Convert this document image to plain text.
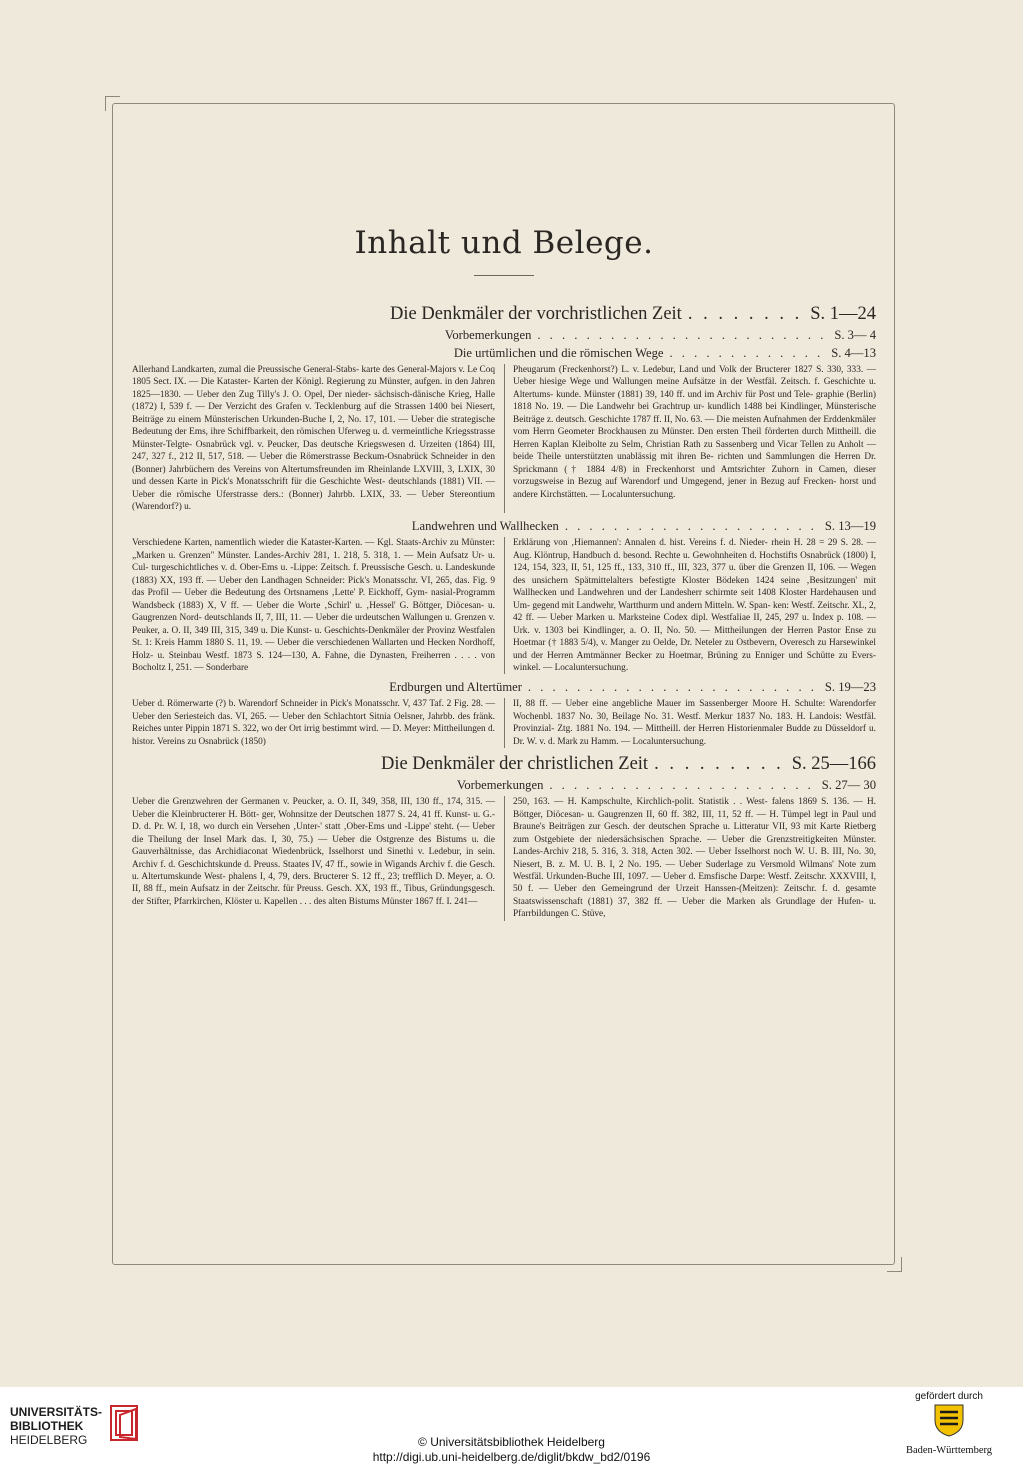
Inhalt und Belege.
Die Denkmäler der vorchristlichen Zeit . . . . . . . . S. 1—24
Vorbemerkungen . . . . . . . . . . . . . . . . . . . . . . . . S. 3— 4
Die urtümlichen und die römischen Wege . . . . . . . . . . . . . S. 4—13

Allerhand Landkarten, zumal die Preussische General-Stabs- karte des General-Majors v. Le Coq 1805 Sect. IX. — Die Kataster- Karten der Königl. Regierung zu Münster, aufgen. in den Jahren 1825—1830. — Ueber den Zug Tilly's J. O. Opel, Der nieder- sächsisch-dänische Krieg, Halle (1872) I, 539 f. — Der Verzicht des Grafen v. Tecklenburg auf die Strassen 1400 bei Niesert, Beiträge zu einem Münsterischen Urkunden-Buche I, 2, No. 17, 101. — Ueber die strategische Bedeutung der Ems, ihre Schiffbarkeit, den römischen Uferweg u. d. vermeintliche Kriegsstrasse Münster-Telgte- Osnabrück vgl. v. Peucker, Das deutsche Kriegswesen d. Urzeiten (1864) III, 247, 327 f., 212 II, 517, 518. — Ueber die Römerstrasse Beckum-Osnabrück Schneider in den (Bonner) Jahrbüchern des Vereins von Altertumsfreunden im Rheinlande LXVIII, 3, LXIX, 30 und dessen Karte in Pick's Monatsschrift für die Geschichte West- deutschlands (1881) VII. — Ueber die römische Uferstrasse ders.: (Bonner) Jahrbb. LXIX, 33. — Ueber Stereontium (Warendorf?) u.

Pheugarum (Freckenhorst?) L. v. Ledebur, Land und Volk der Bructerer 1827 S. 330, 333. — Ueber hiesige Wege und Wallungen meine Aufsätze in der Westfäl. Zeitsch. f. Geschichte u. Altertums- kunde. Münster (1881) 39, 140 ff. und im Archiv für Post und Tele- graphie (Berlin) 1818 No. 19. — Die Landwehr bei Grachtrup ur- kundlich 1488 bei Kindlinger, Münsterische Beiträge z. deutsch. Geschichte 1787 ff. II, No. 63. — Die meisten Aufnahmen der Erddenkmäler vom Herrn Geometer Brockhausen zu Münster. Den ersten Theil förderten durch Mittheill. die Herren Kaplan Kleibolte zu Selm, Christian Rath zu Sassenberg und Vicar Tellen zu Anholt — beide Theile unterstützten unablässig mit ihren Be- richten und Sammlungen die Herren Dr. Sprickmann († 1884 4/8) in Freckenhorst und Amtsrichter Zuhorn in Camen, dieser vorzugsweise in Bezug auf Warendorf und Umgegend, jener in Bezug auf Frecken- horst und andere Kirchstätten. — Localuntersuchung.

Landwehren und Wallhecken . . . . . . . . . . . . . . . . . . . . . S. 13—19

Verschiedene Karten, namentlich wieder die Kataster-Karten. — Kgl. Staats-Archiv zu Münster: „Marken u. Grenzen" Münster. Landes-Archiv 281, 1. 218, 5. 318, 1. — Mein Aufsatz Ur- u. Cul- turgeschichtliches v. d. Ober-Ems u. -Lippe: Zeitsch. f. Preussische Gesch. u. Landeskunde (1883) XX, 193 ff. — Ueber den Landhagen Schneider: Pick's Monatsschr. VI, 265, das. Fig. 9 das Profil — Ueber die Bedeutung des Ortsnamens ‚Lette' P. Eickhoff, Gym- nasial-Programm Wandsbeck (1883) X, V ff. — Ueber die Worte ‚Schirl' u. ‚Hessel' G. Böttger, Diöcesan- u. Gaugrenzen Nord- deutschlands II, 7, III, 11. — Ueber die urdeutschen Wallungen u. Grenzen v. Peuker, a. O. II, 349 III, 315, 349 u. Die Kunst- u. Geschichts-Denkmäler der Provinz Westfalen St. 1: Kreis Hamm 1880 S. 11, 19. — Ueber die verschiedenen Wallarten und Hecken Nordhoff, Holz- u. Steinbau Westf. 1873 S. 124—130, A. Fahne, die Dynasten, Freiherren . . . . von Bocholtz I, 251. — Sonderbare

Erklärung von ‚Hiemannen': Annalen d. hist. Vereins f. d. Nieder- rhein H. 28 = 29 S. 28. — Aug. Klöntrup, Handbuch d. besond. Rechte u. Gewohnheiten d. Hochstifts Osnabrück (1800) I, 124, 154, 323, II, 51, 125 ff., 133, 310 ff., III, 323, 377 u. über die Grenzen II, 106. — Wegen des unsichern Spätmittelalters befestigte Kloster Bödeken 1424 seine ‚Besitzungen' mit Wallhecken und Landwehren und der Landesherr schirmte seit 1408 Kloster Hardehausen und Um- gegend mit Landwehr, Wartthurm und andern Mitteln. W. Span- ken: Westf. Zeitschr. XL, 2, 42 ff. — Ueber Marken u. Marksteine Codex dipl. Westfaliae II, 245, 297 u. Index p. 108. — Urk. v. 1303 bei Kindlinger, a. O. II, No. 50. — Mittheilungen der Herren Pastor Ense zu Hoetmar († 1883 5/4), v. Manger zu Oelde, Dr. Neteler zu Ostbevern, Overesch zu Harsewinkel und der Herren Amtmänner Becker zu Hoetmar, Brüning zu Enniger und Schütte zu Evers- winkel. — Localuntersuchung.

Erdburgen und Altertümer . . . . . . . . . . . . . . . . . . . . . . . . S. 19—23

Ueber d. Römerwarte (?) b. Warendorf Schneider in Pick's Monatsschr. V, 437 Taf. 2 Fig. 28. — Ueber den Seriesteich das. VI, 265. — Ueber den Schlachtort Sitnia Oelsner, Jahrbb. des fränk. Reiches unter Pippin 1871 S. 322, wo der Ort irrig bestimmt wird. — D. Meyer: Mittheilungen d. histor. Vereins zu Osnabrück (1850)

II, 88 ff. — Ueber eine angebliche Mauer im Sassenberger Moore H. Schulte: Warendorfer Wochenbl. 1837 No. 30, Beilage No. 31. Westf. Merkur 1837 No. 183. H. Landois: Westfäl. Provinzial- Ztg. 1881 No. 194. — Mittheill. der Herren Historienmaler Budde zu Düsseldorf u. Dr. W. v. d. Mark zu Hamm. — Localuntersuchung.

Die Denkmäler der christlichen Zeit . . . . . . . . . S. 25—166
Vorbemerkungen . . . . . . . . . . . . . . . . . . . . . . S. 27— 30

Ueber die Grenzwehren der Germanen v. Peucker, a. O. II, 349, 358, III, 130 ff., 174, 315. — Ueber die Kleinbructerer H. Bött- ger, Wohnsitze der Deutschen 1877 S. 24, 41 ff. Kunst- u. G.-D. d. Pr. W. I, 18, wo durch ein Versehen ‚Unter-' statt ‚Ober-Ems und -Lippe' steht. (— Ueber die Theilung der Insel Mark das. I, 30, 75.) — Ueber die Ostgrenze des Bistums u. die Gauverhältnisse, das Archidiaconat Wiedenbrück, Isselhorst und Sinethi v. Ledebur, in sein. Archiv f. d. Geschichtskunde d. Preuss. Staates IV, 47 ff., sowie in Wigands Archiv f. die Gesch. u. Altertumskunde West- phalens I, 4, 79, ders. Bructerer S. 12 ff., 23; trefflich D. Meyer, a. O. II, 88 ff., mein Aufsatz in der Zeitschr. für Preuss. Gesch. XX, 193 ff., Tibus, Gründungsgesch. der Stifter, Pfarrkirchen, Klöster u. Kapellen . . . des alten Bistums Münster 1867 ff. I. 241—

250, 163. — H. Kampschulte, Kirchlich-polit. Statistik . . West- falens 1869 S. 136. — H. Böttger, Diöcesan- u. Gaugrenzen II, 60 ff. 382, III, 11, 52 ff. — H. Tümpel legt in Paul und Braune's Beiträgen zur Gesch. der deutschen Sprache u. Litteratur VII, 93 mit Karte Rietberg zum Ostgebiete der niedersächsischen Sprache. — Ueber die Grenzstreitigkeiten Münster. Landes-Archiv 218, 5. 316, 3. 318, Acten 302. — Ueber Isselhorst noch W. U. B. III, No. 30, Niesert, B. z. M. U. B. I, 2 No. 195. — Ueber Suderlage zu Versmold Wilmans' Note zum Westfäl. Urkunden-Buche III, 1097. — Ueber d. Emsfische Darpe: Westf. Zeitschr. XXXVIII, I, 50 f. — Ueber den Gemeingrund der Urzeit Hanssen-(Meitzen): Zeitschr. f. d. gesamte Staatswissenschaft (1881) 37, 382 ff. — Ueber die Marken als Grundlage der Hufen- u. Pfarrbildungen C. Stüve,

UNIVERSITÄTS-
BIBLIOTHEK
HEIDELBERG	© Universitätsbibliothek Heidelberg
http://digi.ub.uni-heidelberg.de/diglit/bkdw_bd2/0196
gefördert durch
Baden-Württemberg
